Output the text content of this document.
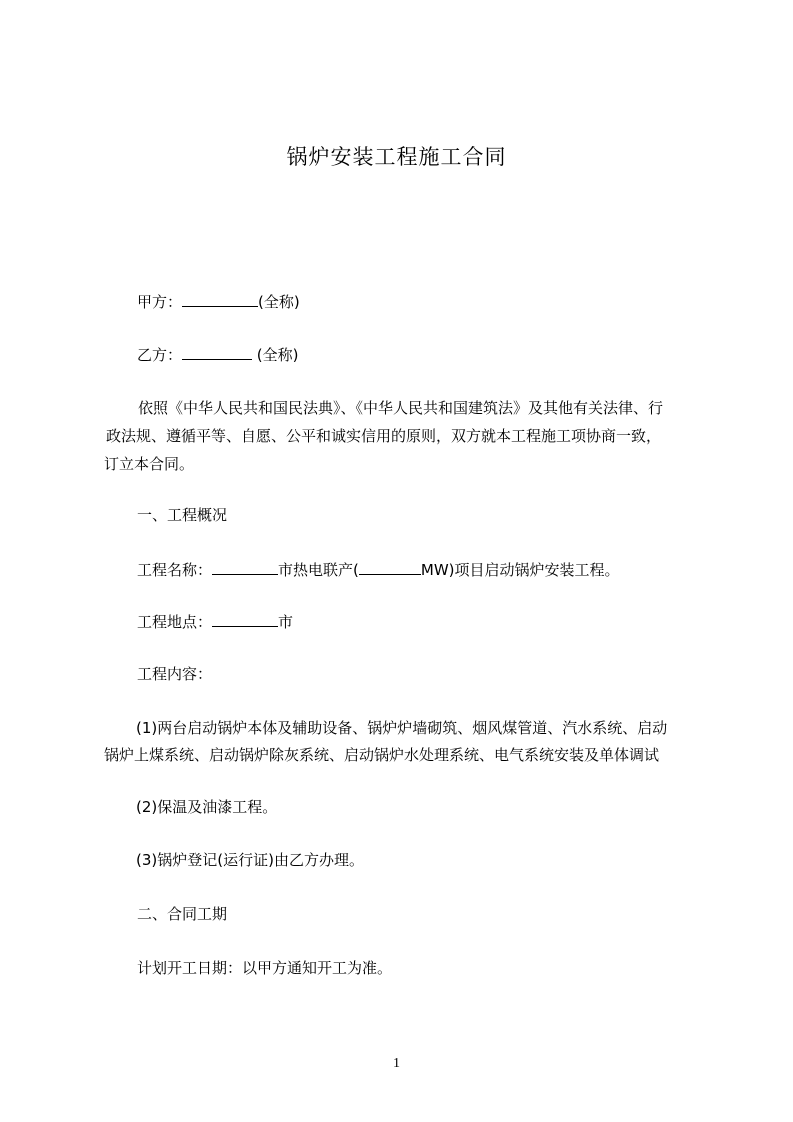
锅炉安装工程施工合同
甲方：	(全称)
乙方：	(全称)
依照《中华人民共和国民法典》、《中华人民共和国建筑法》及其他有关法律、行
政法规、遵循平等、自愿、公平和诚实信用的原则，双方就本工程施工项协商一致，
订立本合同。
一、工程概况
工程名称：	市热电联产(	MW)项目启动锅炉安装工程。
工程地点：	市
工程内容：
(1)两台启动锅炉本体及辅助设备、锅炉炉墙砌筑、烟风煤管道、汽水系统、启动
锅炉上煤系统、启动锅炉除灰系统、启动锅炉水处理系统、电气系统安装及单体调试
(2)保温及油漆工程。
(3)锅炉登记(运行证)由乙方办理。
二、合同工期
计划开工日期：以甲方通知开工为准。
1
